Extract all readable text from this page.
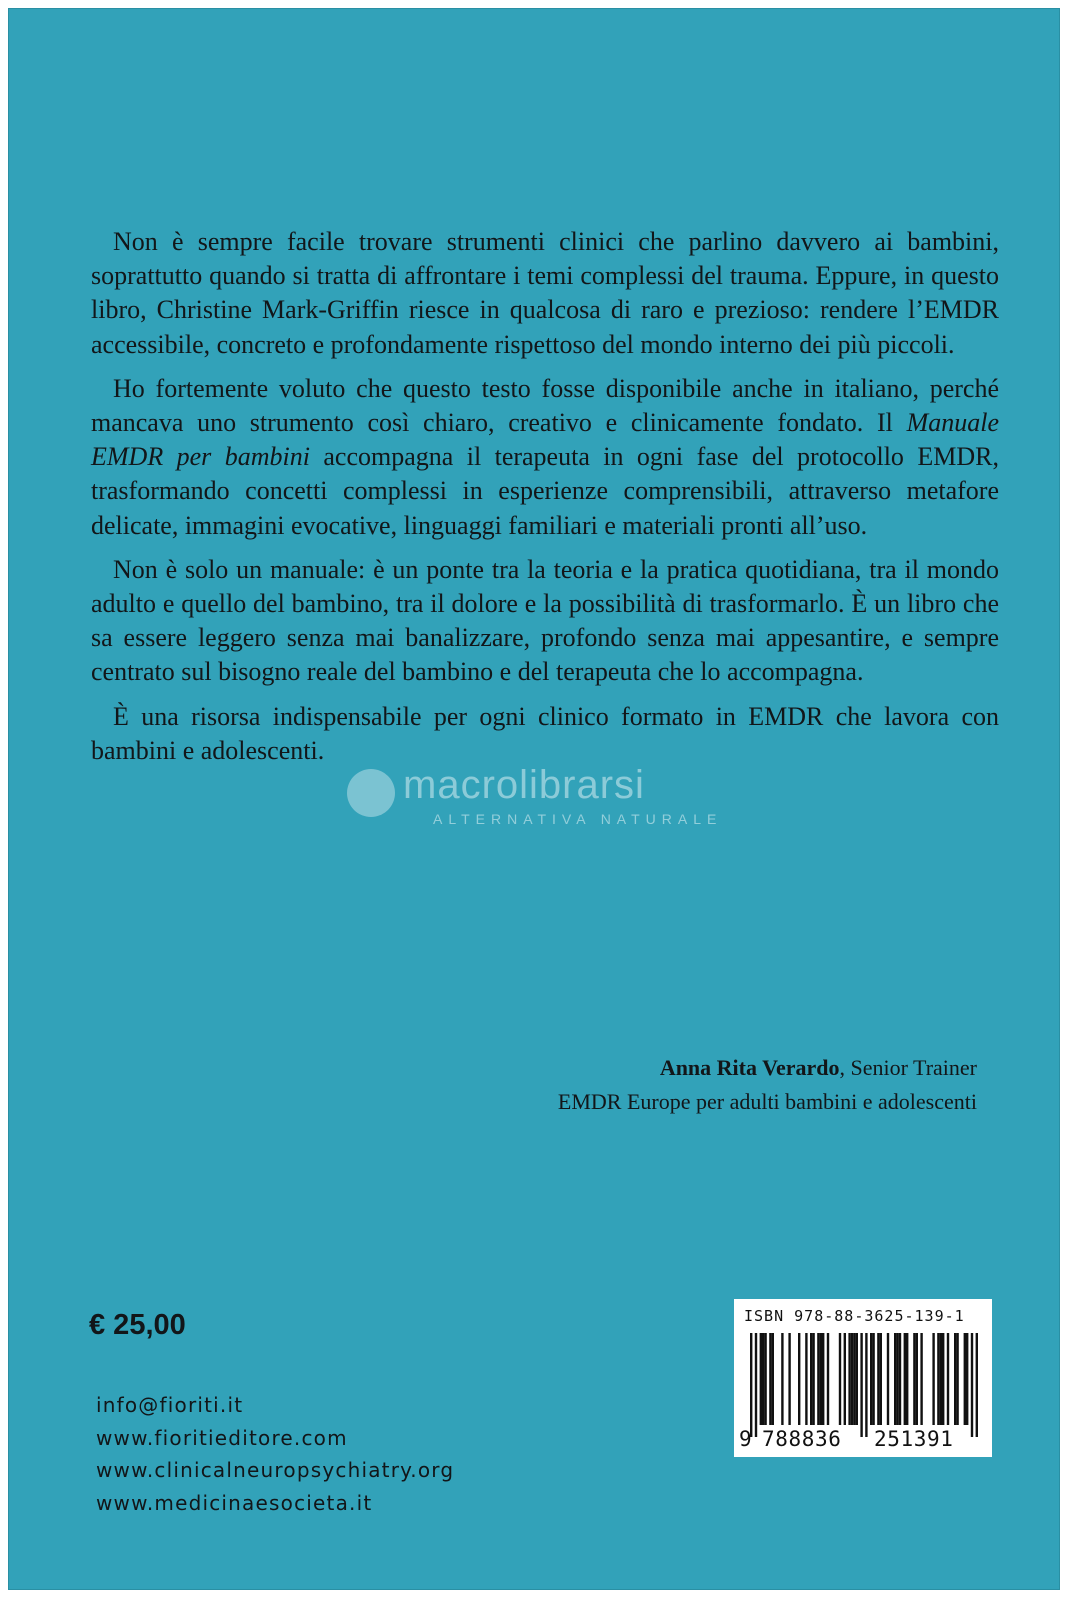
Non è sempre facile trovare strumenti clinici che parlino davvero ai bambini, soprattutto quando si tratta di affrontare i temi complessi del trauma. Eppure, in questo libro, Christine Mark-Griffin riesce in qualcosa di raro e prezioso: rendere l’EMDR accessibile, concreto e profondamente rispettoso del mondo interno dei più piccoli.

Ho fortemente voluto che questo testo fosse disponibile anche in italiano, perché mancava uno strumento così chiaro, creativo e clinicamente fondato. Il Manuale EMDR per bambini accompagna il terapeuta in ogni fase del protocollo EMDR, trasformando concetti complessi in esperienze comprensibili, attraverso metafore delicate, immagini evocative, linguaggi familiari e materiali pronti all’uso.

Non è solo un manuale: è un ponte tra la teoria e la pratica quotidiana, tra il mondo adulto e quello del bambino, tra il dolore e la possibilità di trasformarlo. È un libro che sa essere leggero senza mai banalizzare, profondo senza mai appesantire, e sempre centrato sul bisogno reale del bambino e del terapeuta che lo accompagna.

È una risorsa indispensabile per ogni clinico formato in EMDR che lavora con bambini e adolescenti.

macrolibrarsi
ALTERNATIVA NATURALE
Anna Rita Verardo, Senior Trainer
EMDR Europe per adulti bambini e adolescenti
€ 25,00
info@fioriti.it
www.fioritieditore.com
www.clinicalneuropsychiatry.org
www.medicinaesocieta.it
ISBN 978-88-3625-139-1
9 788836 251391
